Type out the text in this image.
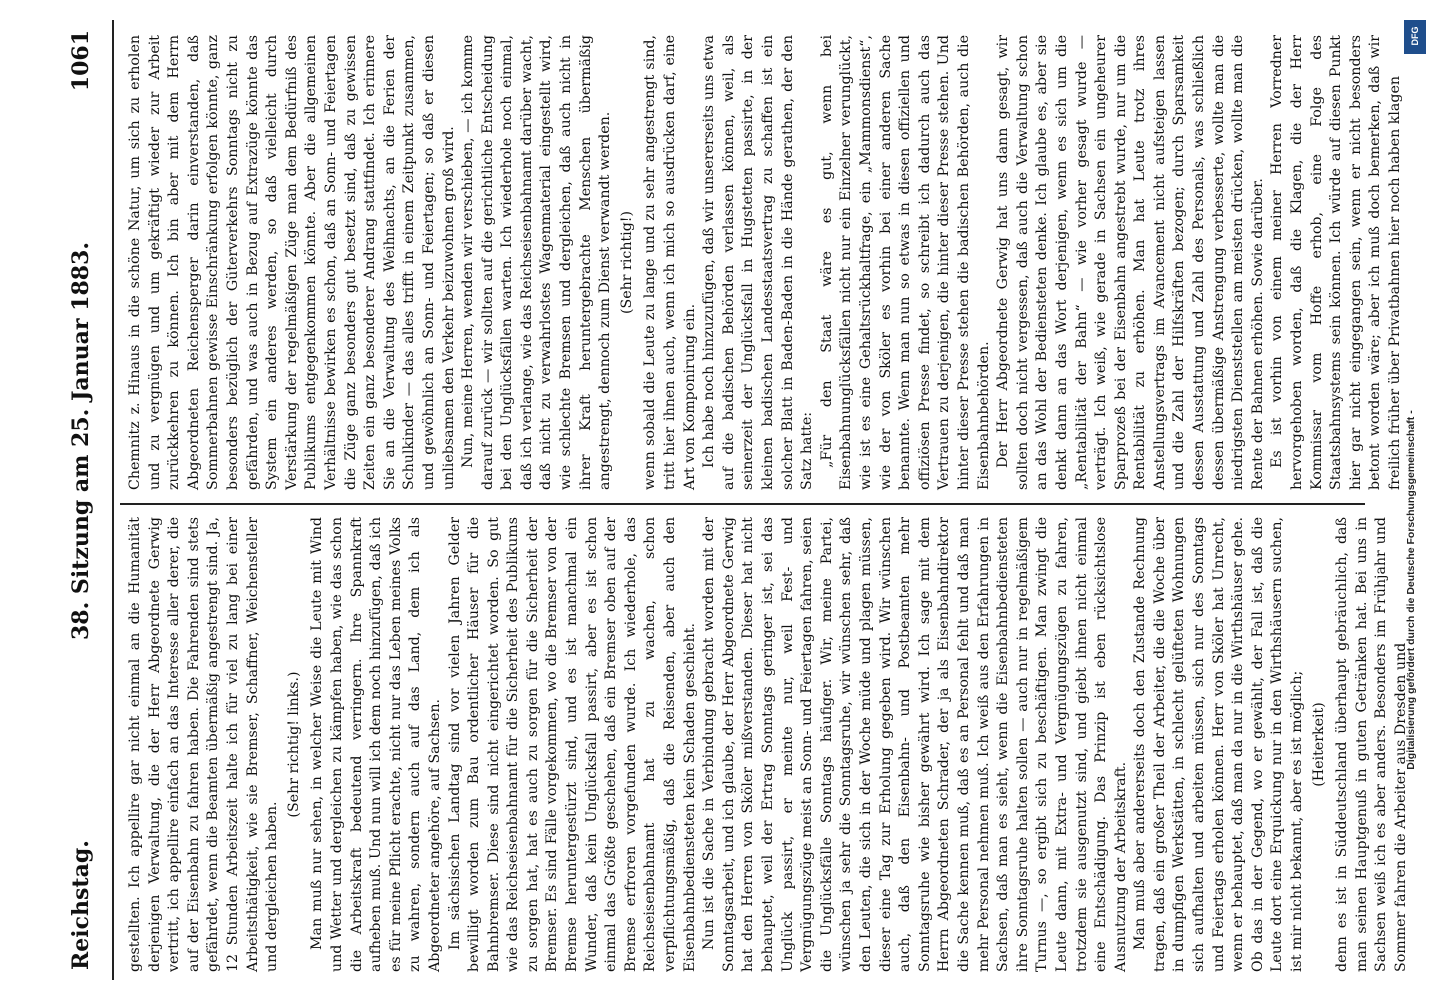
Reichstag.
38. Sitzung am 25. Januar 1883.
1061

gestellten. Ich appellire gar nicht einmal an die Humanität derjenigen Verwaltung, die der Herr Abgeordnete Gerwig vertritt, ich appellire einfach an das Interesse aller derer, die auf der Eisenbahn zu fahren haben. Die Fahrenden sind stets gefährdet, wenn die Beamten übermäßig angestrengt sind. Ja, 12 Stunden Arbeitszeit halte ich für viel zu lang bei einer Arbeitsthätigkeit, wie sie Bremser, Schaffner, Weichensteller und dergleichen haben.

(Sehr richtig! links.) Man muß nur sehen, in welcher Weise die Leute mit Wind und Wetter und dergleichen zu kämpfen haben, wie das schon die Arbeitskraft bedeutend verringern. Ihre Spannkraft aufheben muß. Und nun will ich dem noch hinzufügen, daß ich es für meine Pflicht erachte, nicht nur das Leben meines Volks zu wahren, sondern auch auf das Land, dem ich als Abgeordneter angehöre, auf Sachsen. Im sächsischen Landtag sind vor vielen Jahren Gelder bewilligt worden zum Bau ordentlicher Häuser für die Bahnbremser. Diese sind nicht eingerichtet worden. So gut wie das Reichseisenbahnamt für die Sicherheit des Publikums zu sorgen hat, hat es auch zu sorgen für die Sicherheit der Bremser. Es sind Fälle vorgekommen, wo die Bremser von der Bremse heruntergestürzt sind, und es ist manchmal ein Wunder, daß kein Unglücksfall passirt, aber es ist schon einmal das Größte geschehen, daß ein Bremser oben auf der Bremse erfroren vorgefunden wurde. Ich wiederhole, das Reichseisenbahnamt hat zu wachen, schon verpflichtungsmäßig, daß die Reisenden, aber auch den Eisenbahnbediensteten kein Schaden geschieht. Nun ist die Sache in Verbindung gebracht worden mit der Sonntagsarbeit, und ich glaube, der Herr Abgeordnete Gerwig hat den Herren von Sköler mißverstanden. Dieser hat nicht behauptet, weil der Ertrag Sonntags geringer ist, sei das Unglück passirt, er meinte nur, weil Fest- und Vergnügungszüge meist an Sonn- und Feiertagen fahren, seien die Unglücksfälle Sonntags häufiger. Wir, meine Partei, wünschen ja sehr die Sonntagsruhe, wir wünschen sehr, daß den Leuten, die sich in der Woche müde und plagen müssen, dieser eine Tag zur Erholung gegeben wird. Wir wünschen auch, daß den Eisenbahn- und Postbeamten mehr Sonntagsruhe wie bisher gewährt wird. Ich sage mit dem Herrn Abgeordneten Schrader, der ja als Eisenbahndirektor die Sache kennen muß, daß es an Personal fehlt und daß man mehr Personal nehmen muß. Ich weiß aus den Erfahrungen in Sachsen, daß man es sieht, wenn die Eisenbahnbediensteten ihre Sonntagsruhe halten sollen — auch nur in regelmäßigem Turnus —, so ergibt sich zu beschäftigen. Man zwingt die Leute dann, mit Extra- und Vergnügungszügen zu fahren, trotzdem sie ausgenutzt sind, und giebt ihnen nicht einmal eine Entschädigung. Das Prinzip ist eben rücksichtslose Ausnutzung der Arbeitskraft. Man muß aber andererseits doch den Zustande Rechnung tragen, daß ein großer Theil der Arbeiter, die die Woche über in dumpfigen Werkstätten, in schlecht gelüfteten Wohnungen sich aufhalten und arbeiten müssen, sich nur des Sonntags und Feiertags erholen können. Herr von Sköler hat Unrecht, wenn er behauptet, daß man da nur in die Wirthshäuser gehe. Ob das in der Gegend, wo er gewählt, der Fall ist, daß die Leute dort eine Erquickung nur in den Wirthshäusern suchen, ist mir nicht bekannt, aber es ist möglich; (Heiterkeit) denn es ist in Süddeutschland überhaupt gebräuchlich, daß man seinen Hauptgenuß in guten Getränken hat. Bei uns in Sachsen weiß ich es aber anders. Besonders im Frühjahr und Sommer fahren die Arbeiter aus Dresden und

Chemnitz z. Hinaus in die schöne Natur, um sich zu erholen und zu vergnügen und um gekräftigt wieder zur Arbeit zurückkehren zu können. Ich bin aber mit dem Herrn Abgeordneten Reichensperger darin einverstanden, daß Sommerbahnen gewisse Einschränkung erfolgen könnte, ganz besonders bezüglich der Güterverkehrs Sonntags nicht zu gefährden, und was auch in Bezug auf Extrazüge könnte das System ein anderes werden, so daß vielleicht durch Verstärkung der regelmäßigen Züge man dem Bedürfniß des Publikums entgegenkommen könnte. Aber die allgemeinen Verhältnisse bewirken es schon, daß an Sonn- und Feiertagen die Züge ganz besonders gut besetzt sind, daß zu gewissen Zeiten ein ganz besonderer Andrang stattfindet. Ich erinnere Sie an die Verwaltung des Weihnachts, an die Ferien der Schulkinder — das alles trifft in einem Zeitpunkt zusammen, und gewöhnlich an Sonn- und Feiertagen; so daß er diesen unliebsamen den Verkehr beizuwohnen groß wird. Nun, meine Herren, wenden wir verschieben, — ich komme darauf zurück — wir sollten auf die gerichtliche Entscheidung bei den Unglücksfällen warten. Ich wiederhole noch einmal, daß ich verlange, wie das Reichseisenbahnamt darüber wacht, daß nicht zu verwahrlostes Wagenmaterial eingestellt wird, wie schlechte Bremsen und dergleichen, daß auch nicht in ihrer Kraft heruntergebrachte Menschen übermäßig angestrengt, dennoch zum Dienst verwandt werden. (Sehr richtig!) wenn sobald die Leute zu lange und zu sehr angestrengt sind, tritt hier ihnen auch, wenn ich mich so ausdrücken darf, eine Art von Komponirung ein. Ich habe noch hinzuzufügen, daß wir unsererseits uns etwa auf die badischen Behörden verlassen können, weil, als seinerzeit der Unglücksfall in Hugstetten passirte, in der kleinen badischen Landesstaatsvertrag zu schaffen ist ein solcher Blatt in Baden-Baden in die Hände gerathen, der den Satz hatte: „Für den Staat wäre es gut, wenn bei Eisenbahnunglücksfällen nicht nur ein Einzelner verunglückt, wie ist es eine Gehaltsrückhaltfrage, ein „Mammonsdienst“, wie der von Sköler es vorhin bei einer anderen Sache benannte. Wenn man nun so etwas in diesen offiziellen und offiziösen Presse findet, so schreibt ich dadurch auch das Vertrauen zu derjenigen, die hinter dieser Presse stehen. Und hinter dieser Presse stehen die badischen Behörden, auch die Eisenbahnbehörden. Der Herr Abgeordnete Gerwig hat uns dann gesagt, wir sollten doch nicht vergessen, daß auch die Verwaltung schon an das Wohl der Bediensteten denke. Ich glaube es, aber sie denkt dann an das Wort derjenigen, wenn es sich um die „Rentabilität der Bahn“ — wie vorher gesagt wurde — verträgt. Ich weiß, wie gerade in Sachsen ein ungeheurer Sparprozeß bei der Eisenbahn angestrebt wurde, nur um die Rentabilität zu erhöhen. Man hat Leute trotz ihres Anstellungsvertrags im Avancement nicht aufsteigen lassen und die Zahl der Hilfskräften bezogen; durch Sparsamkeit dessen Ausstattung und Zahl des Personals, was schließlich dessen übermäßige Anstrengung verbesserte, wollte man die niedrigsten Dienststellen am meisten drücken, wollte man die Rente der Bahnen erhöhen. Sowie darüber. Es ist vorhin von einem meiner Herren Vorredner hervorgehoben worden, daß die Klagen, die der Herr Kommissar vom Hoffe erhob, eine Folge des Staatsbahnsystems sein können. Ich würde auf diesen Punkt hier gar nicht eingegangen sein, wenn er nicht besonders betont worden wäre; aber ich muß doch bemerken, daß wir freilich früher über Privatbahnen hier noch haben klagen

DFG
Digitalisierung gefördert durch die Deutsche Forschungsgemeinschaft -
